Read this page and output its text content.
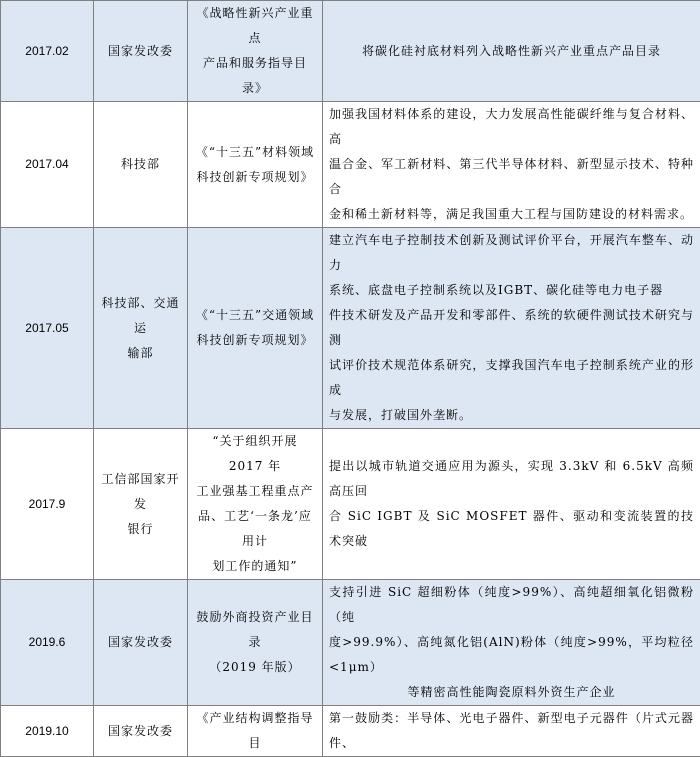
2017.02	国家发改委	《战略性新兴产业重点
产品和服务指导目录》	将碳化硅衬底材料列入战略性新兴产业重点产品目录

2017.04	科技部	《“十三五”材料领域
科技创新专项规划》	加强我国材料体系的建设，大力发展高性能碳纤维与复合材料、高
温合金、军工新材料、第三代半导体材料、新型显示技术、特种合
金和稀土新材料等，满足我国重大工程与国防建设的材料需求。

2017.05	科技部、交通运
输部	《“十三五”交通领域
科技创新专项规划》	建立汽车电子控制技术创新及测试评价平台，开展汽车整车、动力
系统、底盘电子控制系统以及IGBT、碳化硅等电力电子器
件技术研发及产品开发和零部件、系统的软硬件测试技术研究与测
试评价技术规范体系研究，支撑我国汽车电子控制系统产业的形成
与发展，打破国外垄断。

2017.9	工信部国家开发
银行	“关于组织开展 2017 年
工业强基工程重点产
品、工艺‘一条龙’应用计
划工作的通知”	提出以城市轨道交通应用为源头，实现 3.3kV 和 6.5kV 高频高压回
合 SiC IGBT 及 SiC MOSFET 器件、驱动和变流装置的技术突破

2019.6	国家发改委	鼓励外商投资产业目录
（2019 年版）	支持引进 SiC 超细粉体（纯度>99%）、高纯超细氧化铝微粉（纯
度>99.9%）、高纯氮化铝(AlN)粉体（纯度>99%，平均粒径<1μm）
等精密高性能陶瓷原料外资生产企业

2019.10	国家发改委	《产业结构调整指导目	第一鼓励类：半导体、光电子器件、新型电子元器件（片式元器件、
